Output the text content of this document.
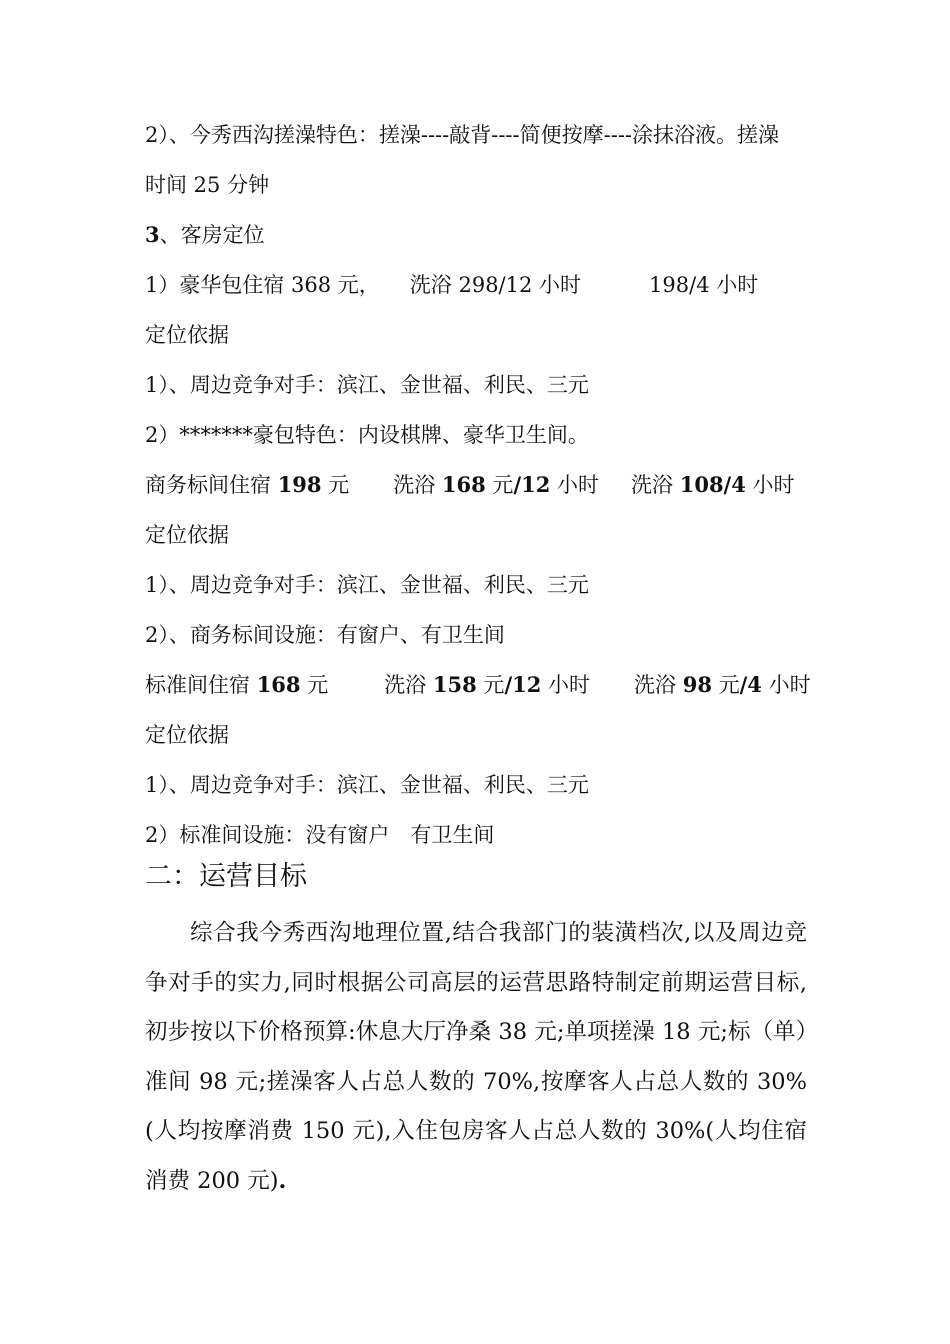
2）、今秀西沟搓澡特色：搓澡----敲背----简便按摩----涂抹浴液。搓澡
时间 25 分钟
3、客房定位
1）豪华包住宿 368 元， 洗浴 298/12 小时	198/4 小时
定位依据
1）、周边竞争对手：滨江、金世福、利民、三元
2）*******豪包特色：内设棋牌、豪华卫生间。
商务标间住宿 198 元 洗浴 168 元/12 小时 洗浴 108/4 小时
定位依据
1）、周边竞争对手：滨江、金世福、利民、三元
2）、商务标间设施：有窗户、有卫生间
标准间住宿 168 元	洗浴 158 元/12 小时 洗浴 98 元/4 小时
定位依据
1）、周边竞争对手：滨江、金世福、利民、三元
2）标准间设施：没有窗户　有卫生间
二：运营目标
综合我今秀西沟地理位置,结合我部门的装潢档次,以及周边竞争对手的实力,同时根据公司高层的运营思路特制定前期运营目标,初步按以下价格预算:休息大厅净桑 38 元;单项搓澡 18 元;标（单）准间 98 元;搓澡客人占总人数的 70%,按摩客人占总人数的 30%(人均按摩消费 150 元),入住包房客人占总人数的 30%(人均住宿消费 200 元).
